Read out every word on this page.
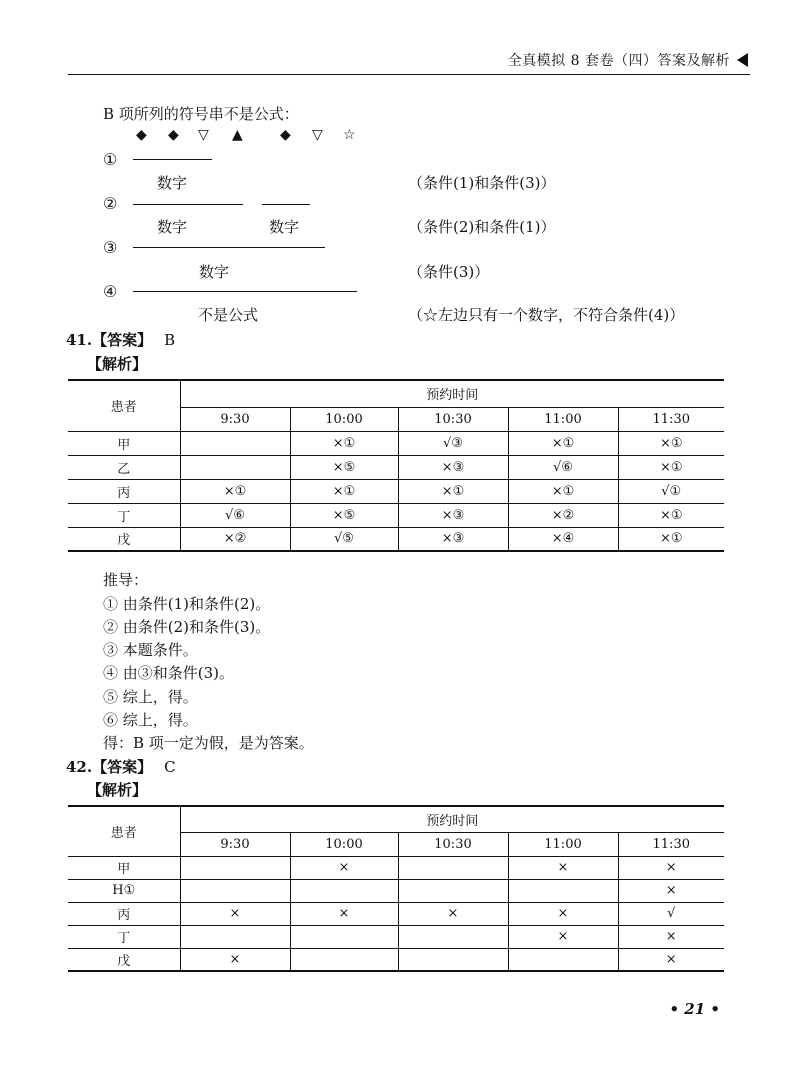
全真模拟 8 套卷（四）答案及解析
B 项所列的符号串不是公式：
◆ ◆ ▽ ▲	◆ ▽ ☆
①
数字	（条件(1)和条件(3)）
②
数字	数字	（条件(2)和条件(1)）
③
数字	（条件(3)）
④
不是公式	（☆左边只有一个数字，不符合条件(4)）
41.【答案】 B
【解析】
患者	预约时间				
	9:30	10:00	10:30	11:00	11:30
甲		×①	√③	×①	×①
乙		×⑤	×③	√⑥	×①
丙	×①	×①	×①	×①	√①
丁	√⑥	×⑤	×③	×②	×①
戊	×②	√⑤	×③	×④	×①
推导：
① 由条件(1)和条件(2)。
② 由条件(2)和条件(3)。
③ 本题条件。
④ 由③和条件(3)。
⑤ 综上，得。
⑥ 综上，得。
得：B 项一定为假，是为答案。
42.【答案】 C
【解析】
患者	预约时间				
	9:30	10:00	10:30	11:00	11:30
甲		×		×	×
H①					×
丙	×	×	×	×	√
丁				×	×
戊	×				×
• 21 •
